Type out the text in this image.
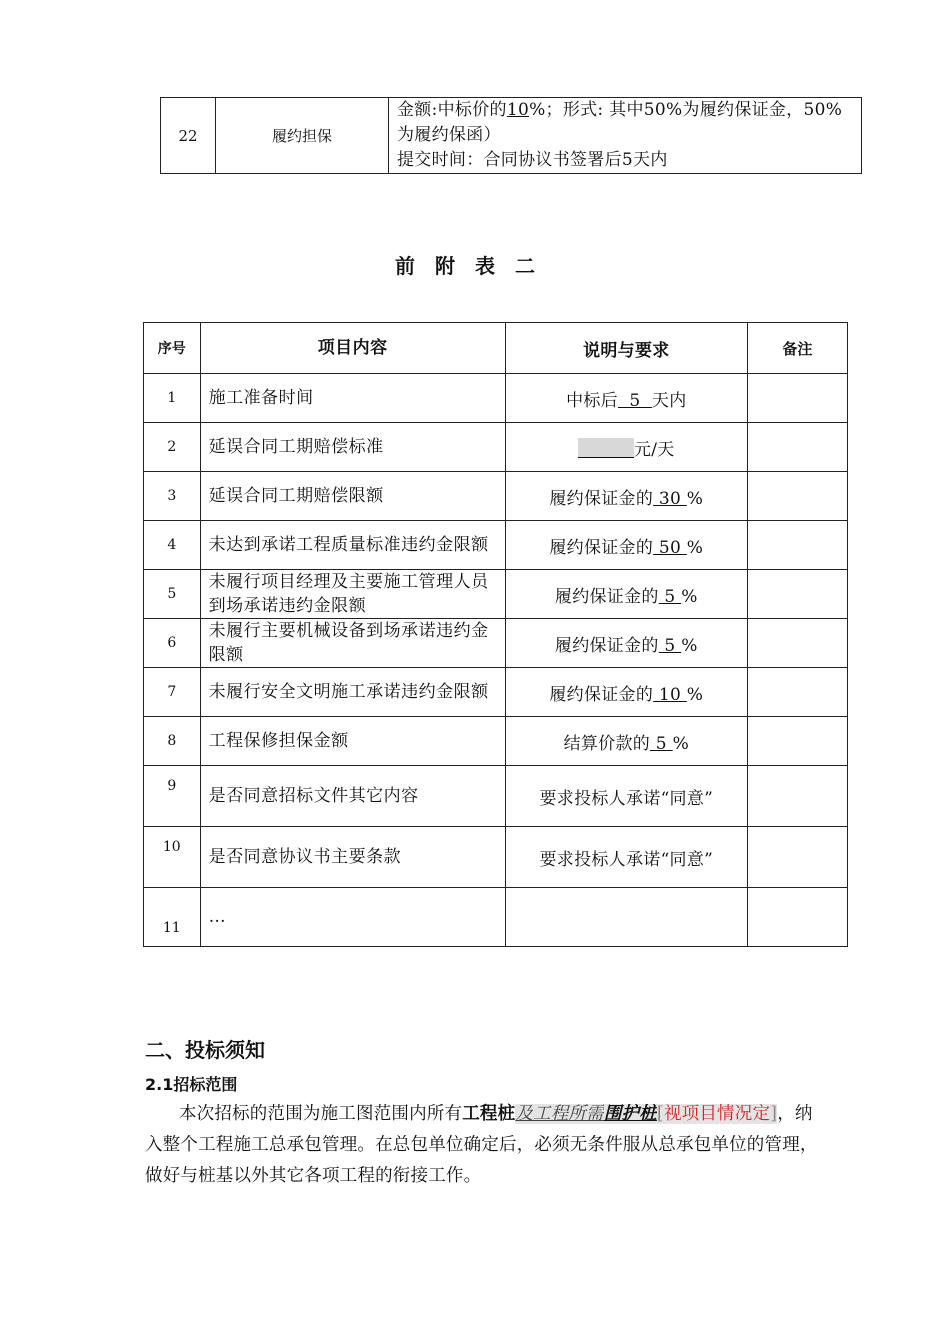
22	履约担保	金额:中标价的10%；形式: 其中50%为履约保证金，50%为履约保函）
提交时间：合同协议书签署后5天内
前附表二
序号	项目内容	说明与要求	备注
1	施工准备时间	中标后  5  天内	
2	延误合同工期赔偿标准	元/天	
3	延误合同工期赔偿限额	履约保证金的 30 %	
4	未达到承诺工程质量标准违约金限额	履约保证金的 50 %	
5	未履行项目经理及主要施工管理人员到场承诺违约金限额	履约保证金的 5 %	
6	未履行主要机械设备到场承诺违约金限额	履约保证金的 5 %	
7	未履行安全文明施工承诺违约金限额	履约保证金的 10 %	
8	工程保修担保金额	结算价款的 5 %	
9	是否同意招标文件其它内容	要求投标人承诺“同意”	
10	是否同意协议书主要条款	要求投标人承诺“同意”	
11	…		
二、投标须知
2.1招标范围
本次招标的范围为施工图范围内所有工程桩及工程所需围护桩[视项目情况定]，纳入整个工程施工总承包管理。在总包单位确定后，必须无条件服从总承包单位的管理，做好与桩基以外其它各项工程的衔接工作。
